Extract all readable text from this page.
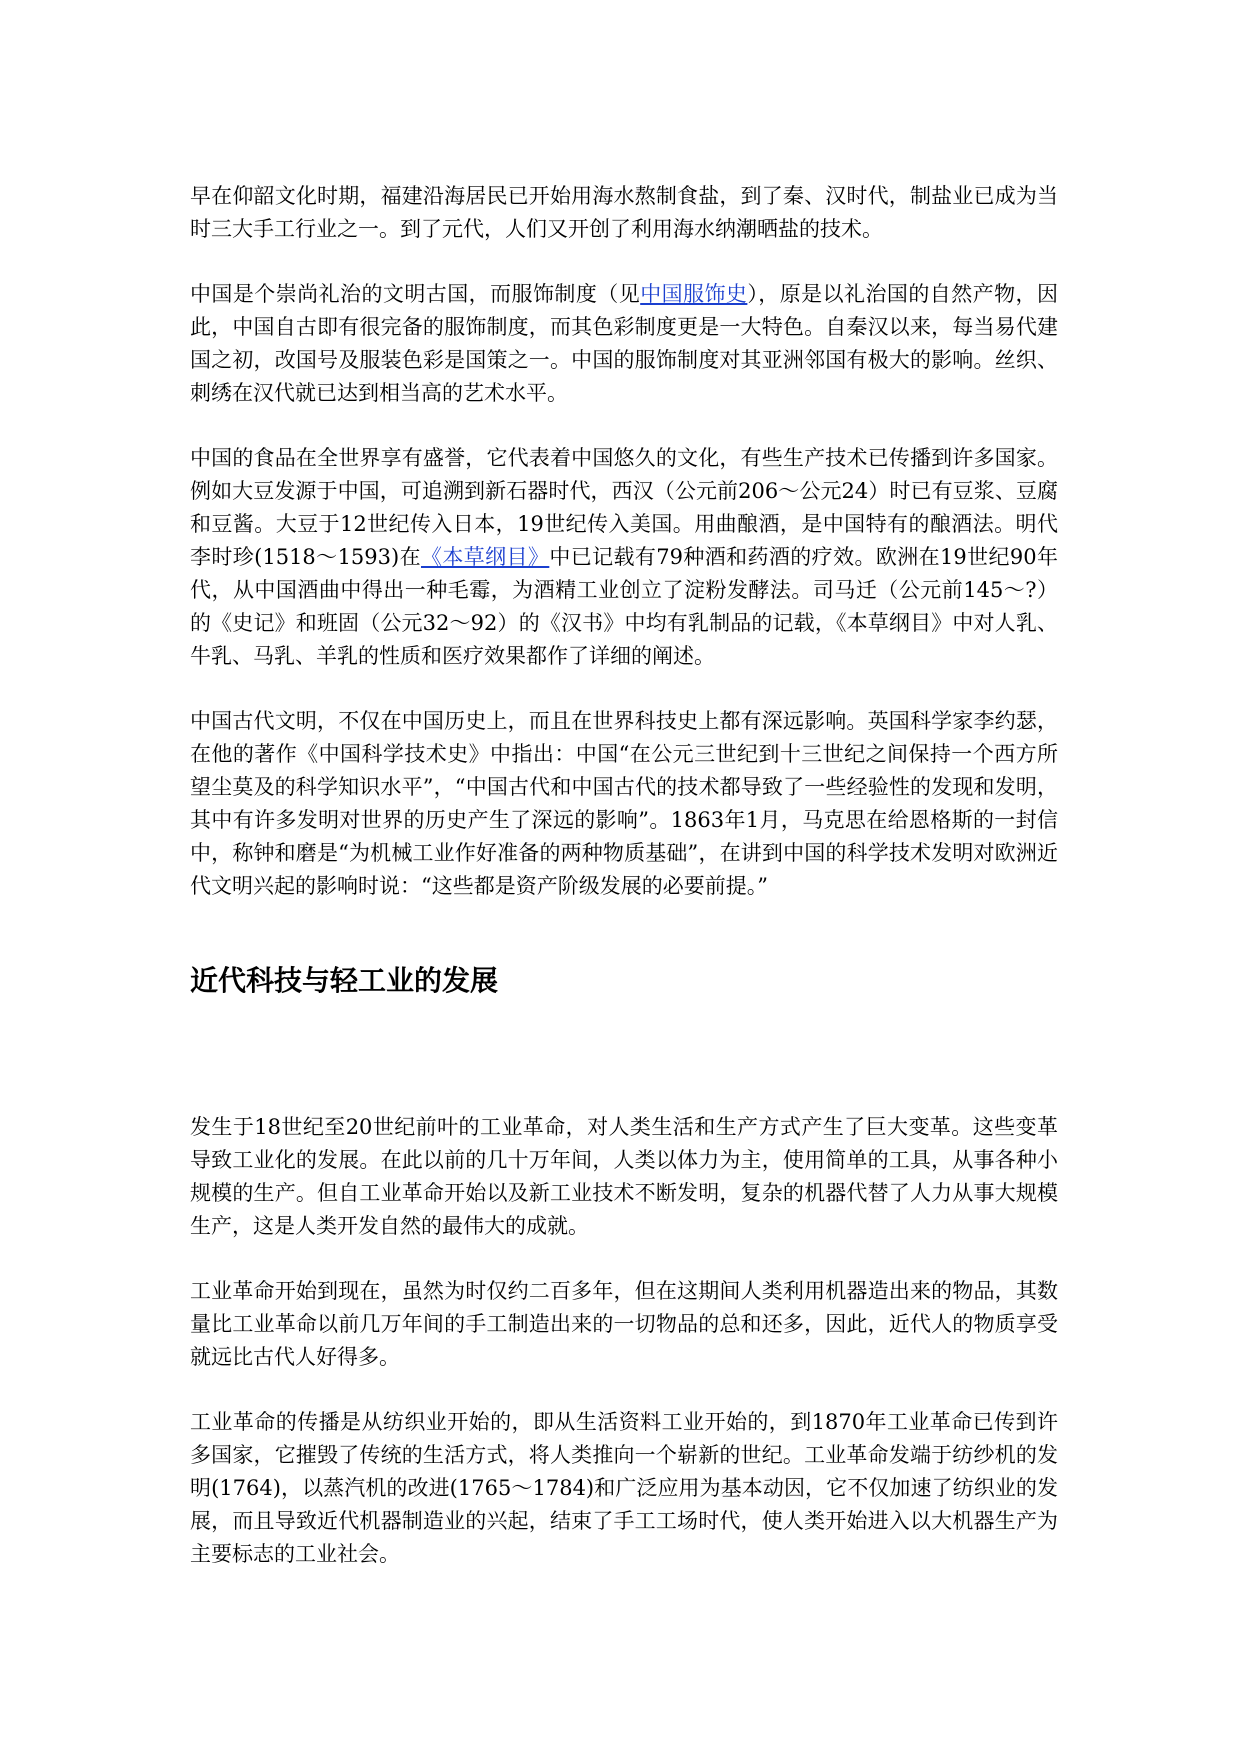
早在仰韶文化时期，福建沿海居民已开始用海水熬制食盐，到了秦、汉时代，制盐业已成为当时三大手工行业之一。到了元代，人们又开创了利用海水纳潮晒盐的技术。

中国是个崇尚礼治的文明古国，而服饰制度（见中国服饰史），原是以礼治国的自然产物，因此，中国自古即有很完备的服饰制度，而其色彩制度更是一大特色。自秦汉以来，每当易代建国之初，改国号及服装色彩是国策之一。中国的服饰制度对其亚洲邻国有极大的影响。丝织、刺绣在汉代就已达到相当高的艺术水平。

中国的食品在全世界享有盛誉，它代表着中国悠久的文化，有些生产技术已传播到许多国家。例如大豆发源于中国，可追溯到新石器时代，西汉（公元前206～公元24）时已有豆浆、豆腐和豆酱。大豆于12世纪传入日本，19世纪传入美国。用曲酿酒，是中国特有的酿酒法。明代李时珍(1518～1593)在《本草纲目》中已记载有79种酒和药酒的疗效。欧洲在19世纪90年代，从中国酒曲中得出一种毛霉，为酒精工业创立了淀粉发酵法。司马迁（公元前145～?）的《史记》和班固（公元32～92）的《汉书》中均有乳制品的记载，《本草纲目》中对人乳、牛乳、马乳、羊乳的性质和医疗效果都作了详细的阐述。

中国古代文明，不仅在中国历史上，而且在世界科技史上都有深远影响。英国科学家李约瑟，在他的著作《中国科学技术史》中指出：中国“在公元三世纪到十三世纪之间保持一个西方所望尘莫及的科学知识水平”，“中国古代和中国古代的技术都导致了一些经验性的发现和发明，其中有许多发明对世界的历史产生了深远的影响”。1863年1月，马克思在给恩格斯的一封信中，称钟和磨是“为机械工业作好准备的两种物质基础”，在讲到中国的科学技术发明对欧洲近代文明兴起的影响时说：“这些都是资产阶级发展的必要前提。”

近代科技与轻工业的发展

发生于18世纪至20世纪前叶的工业革命，对人类生活和生产方式产生了巨大变革。这些变革导致工业化的发展。在此以前的几十万年间，人类以体力为主，使用简单的工具，从事各种小规模的生产。但自工业革命开始以及新工业技术不断发明，复杂的机器代替了人力从事大规模生产，这是人类开发自然的最伟大的成就。

工业革命开始到现在，虽然为时仅约二百多年，但在这期间人类利用机器造出来的物品，其数量比工业革命以前几万年间的手工制造出来的一切物品的总和还多，因此，近代人的物质享受就远比古代人好得多。

工业革命的传播是从纺织业开始的，即从生活资料工业开始的，到1870年工业革命已传到许多国家，它摧毁了传统的生活方式，将人类推向一个崭新的世纪。工业革命发端于纺纱机的发明(1764)，以蒸汽机的改进(1765～1784)和广泛应用为基本动因，它不仅加速了纺织业的发展，而且导致近代机器制造业的兴起，结束了手工工场时代，使人类开始进入以大机器生产为主要标志的工业社会。
